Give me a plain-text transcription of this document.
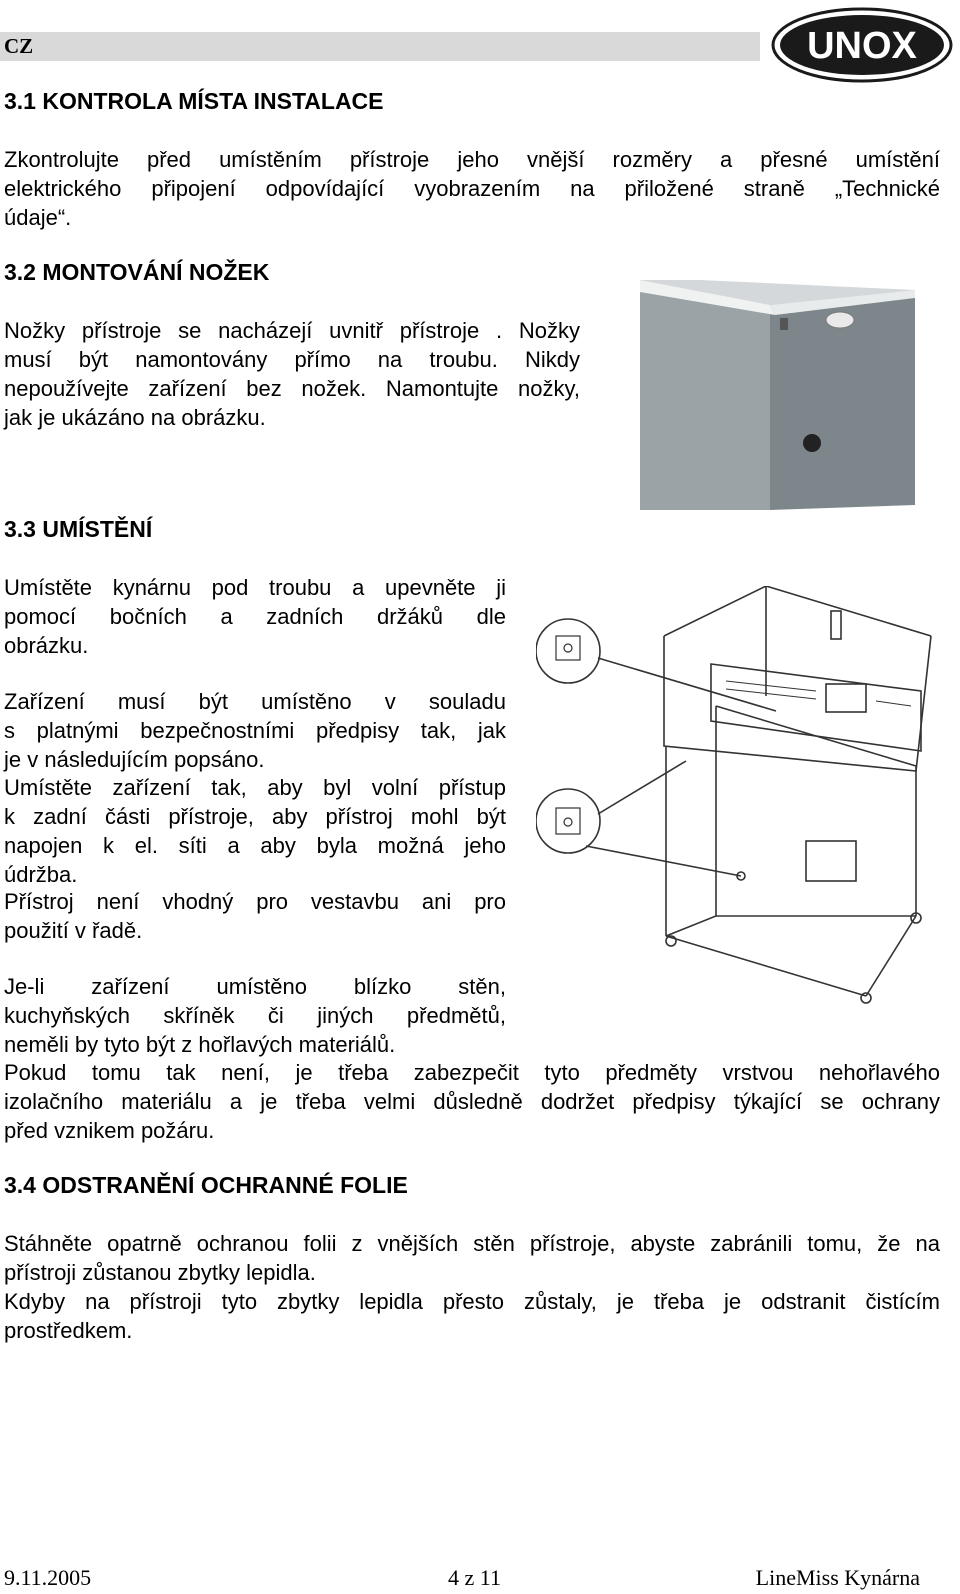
CZ	UNOX
3.1 KONTROLA MÍSTA INSTALACE

Zkontrolujte před umístěním přístroje jeho vnější rozměry a přesné umístění
elektrického připojení odpovídající vyobrazením na přiložené straně „Technické
údaje“.

3.2 MONTOVÁNÍ NOŽEK

Nožky přístroje se nacházejí uvnitř přístroje . Nožky
musí být namontovány přímo na troubu. Nikdy
nepoužívejte zařízení bez nožek. Namontujte nožky,
jak je ukázáno na obrázku.

3.3 UMÍSTĚNÍ

Umístěte kynárnu pod troubu a upevněte ji
pomocí bočních a zadních držáků dle
obrázku.

Zařízení musí být umístěno v souladu
s platnými bezpečnostními předpisy tak, jak
je v následujícím popsáno.

Umístěte zařízení tak, aby byl volní přístup
k zadní části přístroje, aby přístroj mohl být
napojen k el. síti a aby byla možná jeho
údržba.

Přístroj není vhodný pro vestavbu ani pro
použití v řadě.

Je-li zařízení umístěno blízko stěn,
kuchyňských skříněk či jiných předmětů,
neměli by tyto být z hořlavých materiálů.

Pokud tomu tak není, je třeba zabezpečit tyto předměty vrstvou nehořlavého
izolačního materiálu a je třeba velmi důsledně dodržet předpisy týkající se ochrany
před vznikem požáru.

3.4 ODSTRANĚNÍ OCHRANNÉ FOLIE

Stáhněte opatrně ochranou folii z vnějších stěn přístroje, abyste zabránili tomu, že na
přístroji zůstanou zbytky lepidla.

Kdyby na přístroji tyto zbytky lepidla přesto zůstaly, je třeba je odstranit čistícím
prostředkem.

9.11.2005	4 z 11	LineMiss Kynárna
